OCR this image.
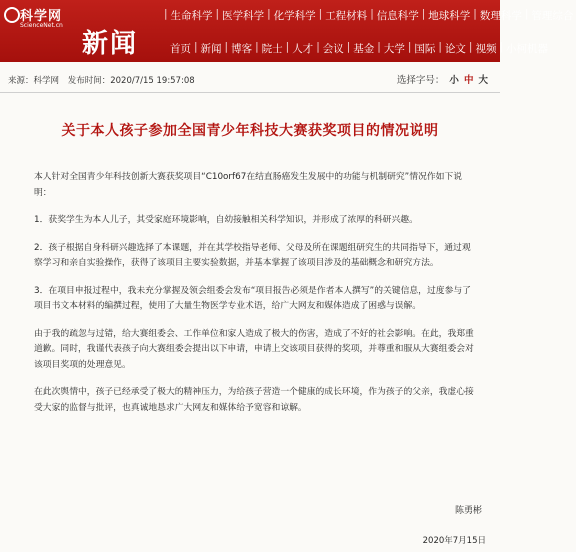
科学网
ScienceNet.cn
新闻
| 生命科学 | 医学科学 | 化学科学 | 工程材料 | 信息科学 | 地球科学 | 数理科学 | 管理综合
首页 | 新闻 | 博客 | 院士 | 人才 | 会议 | 基金 | 大学 | 国际 | 论文 | 视频 | 小柯机器
来源：科学网 发布时间：2020/7/15 19:57:08	选择字号： 小 中 大
关于本人孩子参加全国青少年科技大赛获奖项目的情况说明

本人针对全国青少年科技创新大赛获奖项目“C10orf67在结直肠癌发生发展中的功能与机制研究”情况作如下说明：

1．获奖学生为本人儿子，其受家庭环境影响，自幼接触相关科学知识，并形成了浓厚的科研兴趣。

2．孩子根据自身科研兴趣选择了本课题，并在其学校指导老师、父母及所在课题组研究生的共同指导下，通过观察学习和亲自实验操作，获得了该项目主要实验数据，并基本掌握了该项目涉及的基础概念和研究方法。

3．在项目申报过程中，我未充分掌握及领会组委会发布“项目报告必须是作者本人撰写”的关键信息，过度参与了项目书文本材料的编撰过程，使用了大量生物医学专业术语，给广大网友和媒体造成了困惑与误解。

由于我的疏忽与过错，给大赛组委会、工作单位和家人造成了极大的伤害，造成了不好的社会影响。在此，我郑重道歉。同时，我谨代表孩子向大赛组委会提出以下申请，申请上交该项目获得的奖项，并尊重和服从大赛组委会对该项目奖项的处理意见。

在此次舆情中，孩子已经承受了极大的精神压力，为给孩子营造一个健康的成长环境，作为孩子的父亲，我虚心接受大家的监督与批评，也真诚地恳求广大网友和媒体给予宽容和谅解。

陈勇彬
2020年7月15日
